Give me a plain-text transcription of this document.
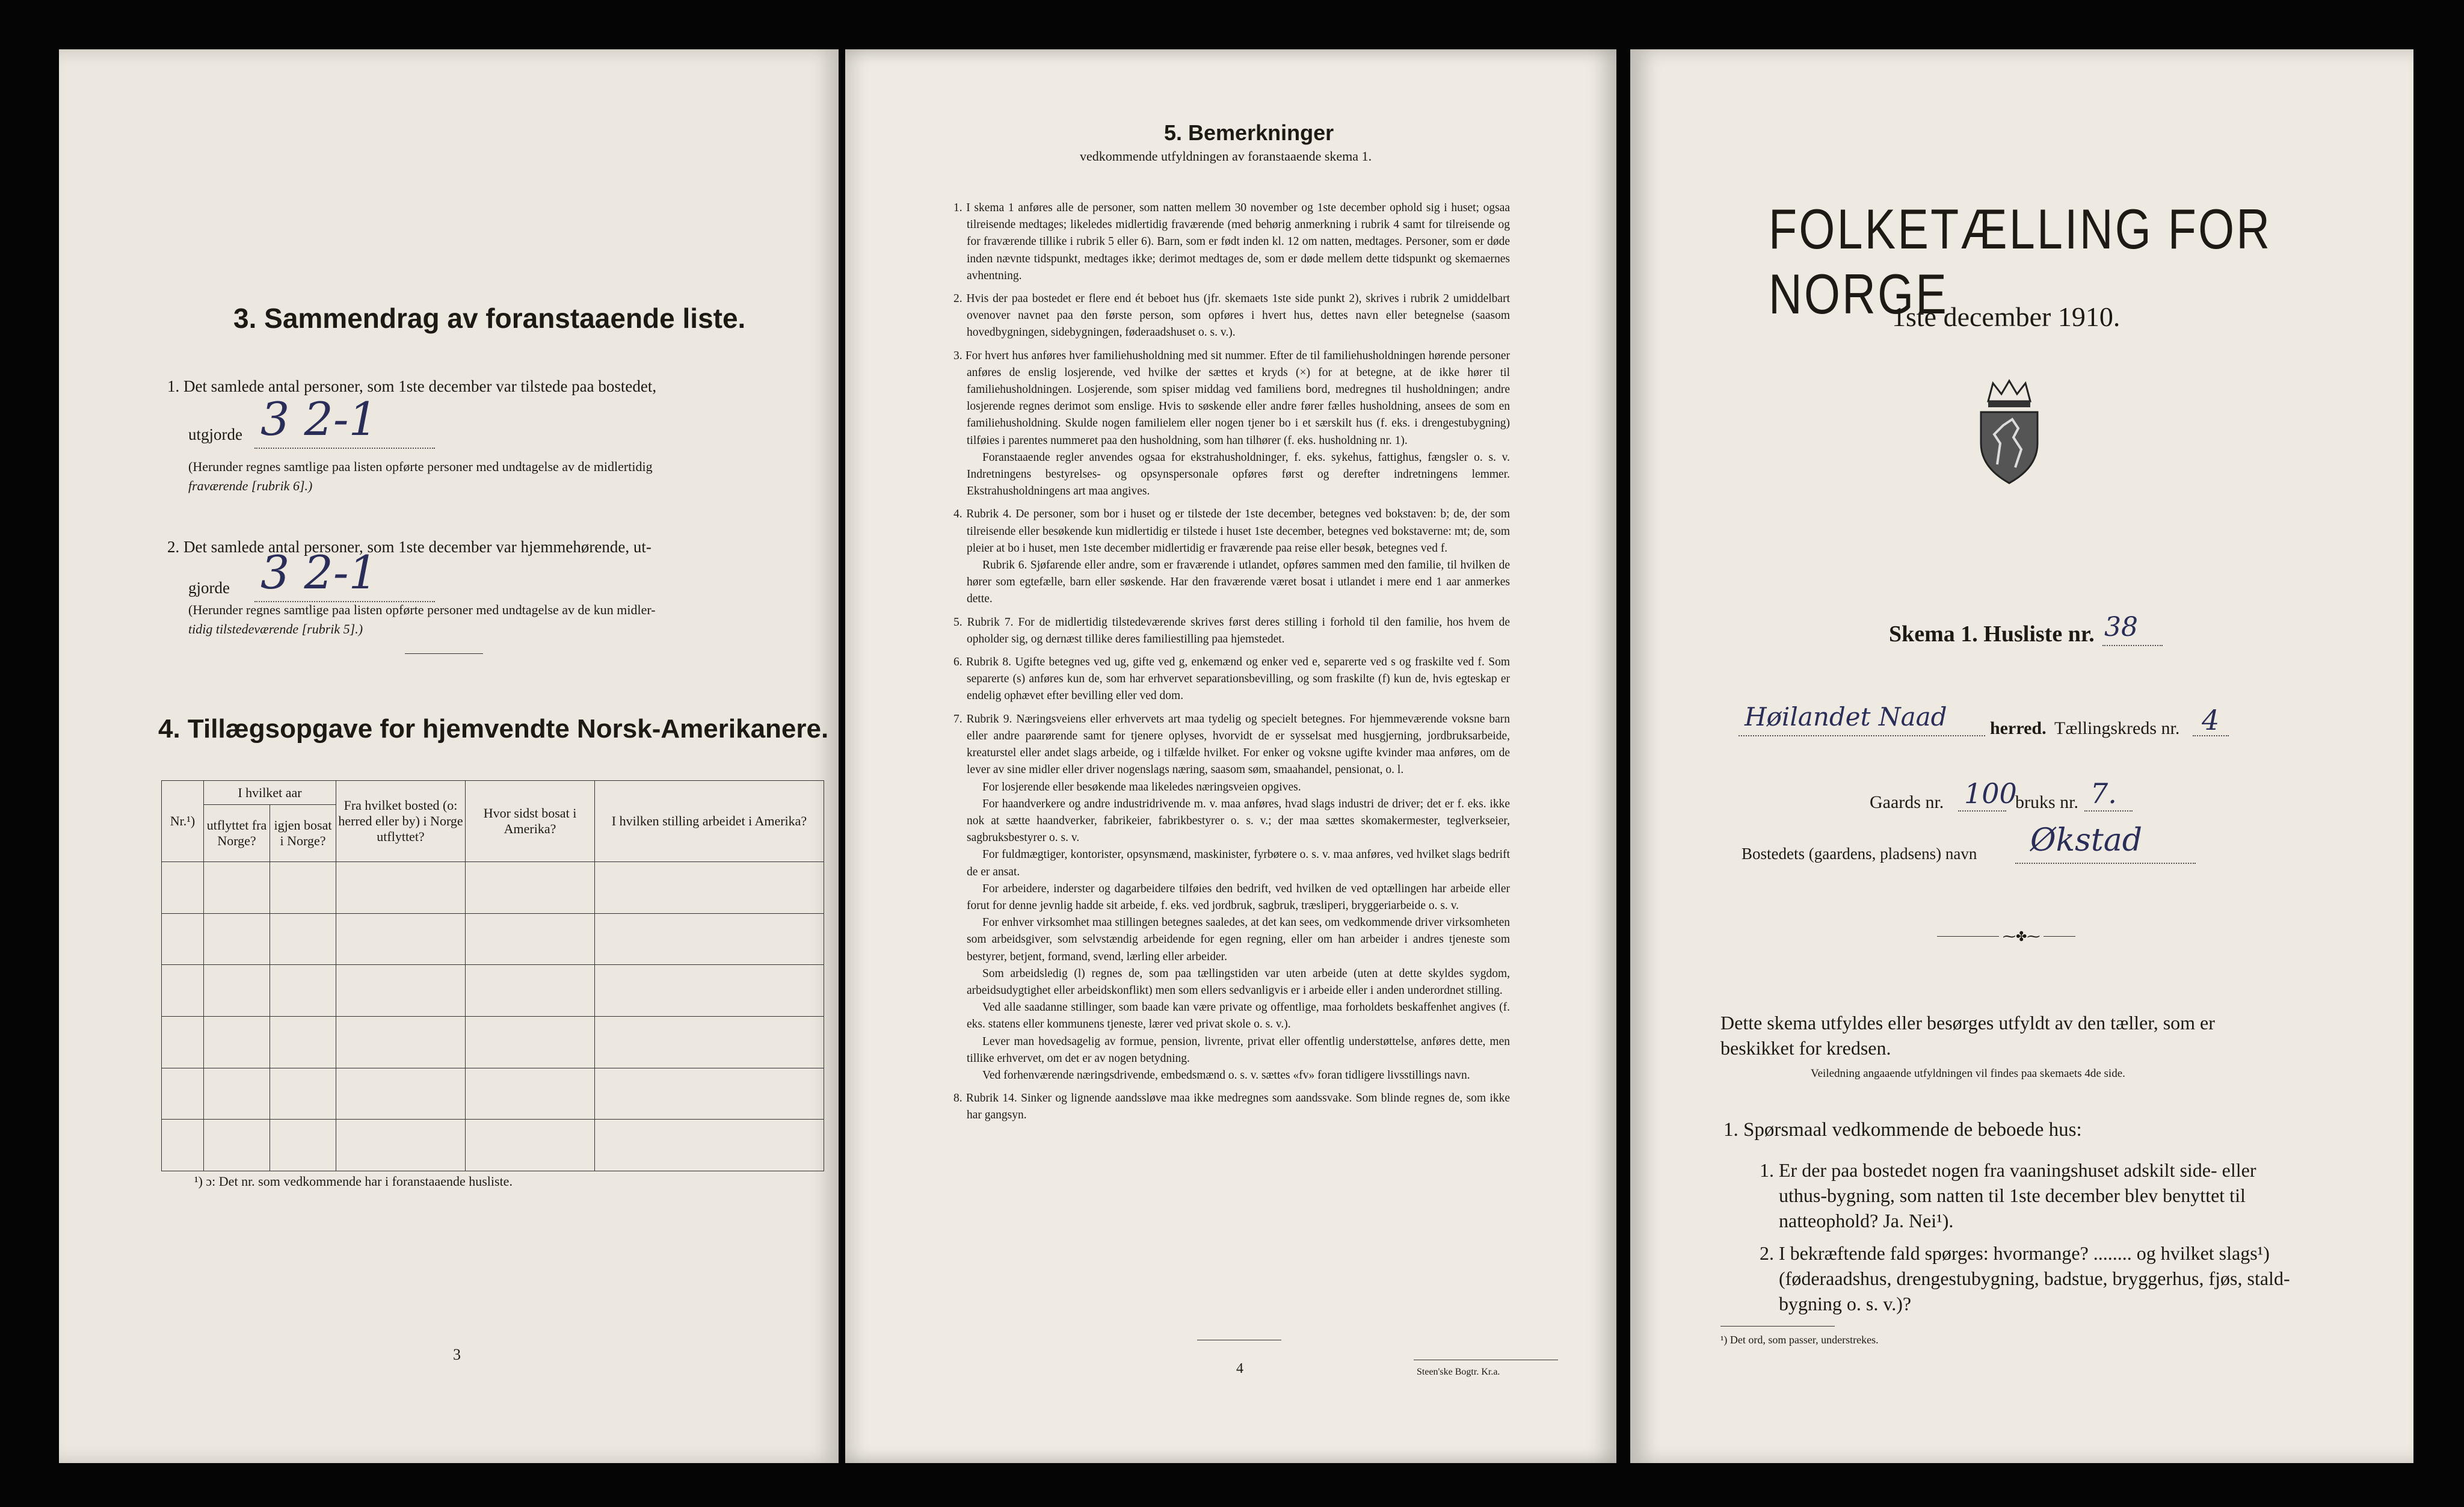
3. Sammendrag av foranstaaende liste.
1. Det samlede antal personer, som 1ste december var tilstede paa bostedet,
utgjorde 3 2-1
(Herunder regnes samtlige paa listen opførte personer med undtagelse av de midlertidig
fraværende [rubrik 6].)
2. Det samlede antal personer, som 1ste december var hjemmehørende, ut-
gjorde 3 2-1
(Herunder regnes samtlige paa listen opførte personer med undtagelse av de kun midler-
tidig tilstedeværende [rubrik 5].)
4. Tillægsopgave for hjemvendte Norsk-Amerikanere.
Nr.¹)	I hvilket aar		Fra hvilket bosted (o: herred eller by) i Norge utflyttet?	Hvor sidst bosat i Amerika?	I hvilken stilling arbeidet i Amerika?
	utflyttet fra Norge?	igjen bosat i Norge?			

¹) ɔ: Det nr. som vedkommende har i foranstaaende husliste.
3
5. Bemerkninger
vedkommende utfyldningen av foranstaaende skema 1.

1. I skema 1 anføres alle de personer, som natten mellem 30 november og 1ste december ophold sig i huset; ogsaa tilreisende medtages; likeledes midlertidig fraværende (med behørig anmerkning i rubrik 4 samt for tilreisende og for fraværende tillike i rubrik 5 eller 6). Barn, som er født inden kl. 12 om natten, medtages. Personer, som er døde inden nævnte tidspunkt, medtages ikke; derimot medtages de, som er døde mellem dette tidspunkt og skemaernes avhentning.

2. Hvis der paa bostedet er flere end ét beboet hus (jfr. skemaets 1ste side punkt 2), skrives i rubrik 2 umiddelbart ovenover navnet paa den første person, som opføres i hvert hus, dettes navn eller betegnelse (saasom hovedbygningen, sidebygningen, føderaadshuset o. s. v.).

3. For hvert hus anføres hver familiehusholdning med sit nummer. Efter de til familiehusholdningen hørende personer anføres de enslig losjerende, ved hvilke der sættes et kryds (×) for at betegne, at de ikke hører til familiehusholdningen. Losjerende, som spiser middag ved familiens bord, medregnes til husholdningen; andre losjerende regnes derimot som enslige. Hvis to søskende eller andre fører fælles husholdning, ansees de som en familiehusholdning. Skulde nogen familielem eller nogen tjener bo i et særskilt hus (f. eks. i drengestubygning) tilføies i parentes nummeret paa den husholdning, som han tilhører (f. eks. husholdning nr. 1).

Foranstaaende regler anvendes ogsaa for ekstrahusholdninger, f. eks. sykehus, fattighus, fængsler o. s. v. Indretningens bestyrelses- og opsynspersonale opføres først og derefter indretningens lemmer. Ekstrahusholdningens art maa angives.

4. Rubrik 4. De personer, som bor i huset og er tilstede der 1ste december, betegnes ved bokstaven: b; de, der som tilreisende eller besøkende kun midlertidig er tilstede i huset 1ste december, betegnes ved bokstaverne: mt; de, som pleier at bo i huset, men 1ste december midlertidig er fraværende paa reise eller besøk, betegnes ved f.

Rubrik 6. Sjøfarende eller andre, som er fraværende i utlandet, opføres sammen med den familie, til hvilken de hører som egtefælle, barn eller søskende. Har den fraværende været bosat i utlandet i mere end 1 aar anmerkes dette.

5. Rubrik 7. For de midlertidig tilstedeværende skrives først deres stilling i forhold til den familie, hos hvem de opholder sig, og dernæst tillike deres familiestilling paa hjemstedet.

6. Rubrik 8. Ugifte betegnes ved ug, gifte ved g, enkemænd og enker ved e, separerte ved s og fraskilte ved f. Som separerte (s) anføres kun de, som har erhvervet separationsbevilling, og som fraskilte (f) kun de, hvis egteskap er endelig ophævet efter bevilling eller ved dom.

7. Rubrik 9. Næringsveiens eller erhvervets art maa tydelig og specielt betegnes. For hjemmeværende voksne barn eller andre paarørende samt for tjenere oplyses, hvorvidt de er sysselsat med husgjerning, jordbruksarbeide, kreaturstel eller andet slags arbeide, og i tilfælde hvilket. For enker og voksne ugifte kvinder maa anføres, om de lever av sine midler eller driver nogenslags næring, saasom søm, smaahandel, pensionat, o. l.

For losjerende eller besøkende maa likeledes næringsveien opgives.

For haandverkere og andre industridrivende m. v. maa anføres, hvad slags industri de driver; det er f. eks. ikke nok at sætte haandverker, fabrikeier, fabrikbestyrer o. s. v.; der maa sættes skomakermester, teglverkseier, sagbruksbestyrer o. s. v.

For fuldmægtiger, kontorister, opsynsmænd, maskinister, fyrbøtere o. s. v. maa anføres, ved hvilket slags bedrift de er ansat.

For arbeidere, inderster og dagarbeidere tilføies den bedrift, ved hvilken de ved optællingen har arbeide eller forut for denne jevnlig hadde sit arbeide, f. eks. ved jordbruk, sagbruk, træsliperi, bryggeriarbeide o. s. v.

For enhver virksomhet maa stillingen betegnes saaledes, at det kan sees, om vedkommende driver virksomheten som arbeidsgiver, som selvstændig arbeidende for egen regning, eller om han arbeider i andres tjeneste som bestyrer, betjent, formand, svend, lærling eller arbeider.

Som arbeidsledig (l) regnes de, som paa tællingstiden var uten arbeide (uten at dette skyldes sygdom, arbeidsudygtighet eller arbeidskonflikt) men som ellers sedvanligvis er i arbeide eller i anden underordnet stilling.

Ved alle saadanne stillinger, som baade kan være private og offentlige, maa forholdets beskaffenhet angives (f. eks. statens eller kommunens tjeneste, lærer ved privat skole o. s. v.).

Lever man hovedsagelig av formue, pension, livrente, privat eller offentlig understøttelse, anføres dette, men tillike erhvervet, om det er av nogen betydning.

Ved forhenværende næringsdrivende, embedsmænd o. s. v. sættes «fv» foran tidligere livsstillings navn.

8. Rubrik 14. Sinker og lignende aandssløve maa ikke medregnes som aandssvake. Som blinde regnes de, som ikke har gangsyn.

4	Steen'ske Bogtr. Kr.a.
FOLKETÆLLING FOR NORGE
1ste december 1910.
Skema 1. Husliste nr. 38
Høilandet Naad herred. Tællingskreds nr. 4
Gaards nr. 100
bruks nr. 7.
Bostedets (gaardens, pladsens) navn Økstad
⁓✤⁓
Dette skema utfyldes eller besørges utfyldt av den tæller, som er
beskikket for kredsen.
Veiledning angaaende utfyldningen vil findes paa skemaets 4de side.
1. Spørsmaal vedkommende de beboede hus:
1. Er der paa bostedet nogen fra vaaningshuset adskilt side- eller
uthus-bygning, som natten til 1ste december blev benyttet til
natteophold? Ja. Nei¹).
2. I bekræftende fald spørges: hvormange? ........ og hvilket slags¹)
(føderaadshus, drengestubygning, badstue, bryggerhus, fjøs, stald-
bygning o. s. v.)?
¹) Det ord, som passer, understrekes.
